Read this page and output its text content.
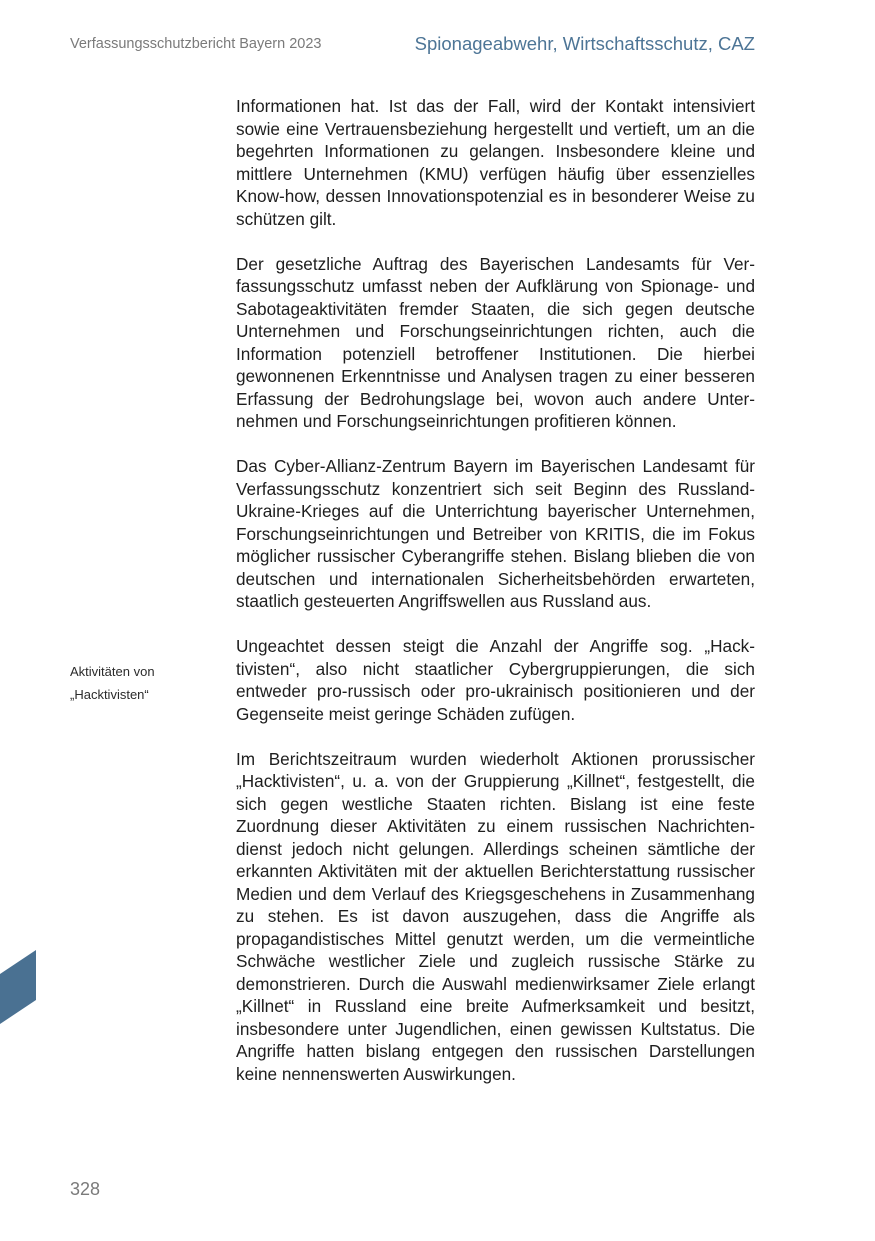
Verfassungsschutzbericht Bayern 2023	Spionageabwehr, Wirtschaftsschutz, CAZ
Aktivitäten von
„Hacktivisten“

Informationen hat. Ist das der Fall, wird der Kontakt intensiviert sowie eine Vertrauensbeziehung hergestellt und vertieft, um an die begehrten Informationen zu gelangen. Insbesondere kleine und mittlere Unternehmen (KMU) verfügen häufig über essenzielles Know-how, dessen Innovationspotenzial es in besonderer Weise zu schützen gilt.

Der gesetzliche Auftrag des Bayerischen Landesamts für Verfassungsschutz umfasst neben der Aufklärung von Spionage- und Sabotageaktivitäten fremder Staaten, die sich gegen deutsche Unternehmen und Forschungseinrichtungen richten, auch die Information potenziell betroffener Institutionen. Die hierbei gewonnenen Erkenntnisse und Analysen tragen zu einer besseren Erfassung der Bedrohungslage bei, wovon auch andere Unternehmen und Forschungseinrichtungen profitieren können.

Das Cyber-Allianz-Zentrum Bayern im Bayerischen Landesamt für Verfassungsschutz konzentriert sich seit Beginn des Russland-Ukraine-Krieges auf die Unterrichtung bayerischer Unternehmen, Forschungseinrichtungen und Betreiber von KRITIS, die im Fokus möglicher russischer Cyberangriffe stehen. Bislang blieben die von deutschen und internationalen Sicherheitsbehörden erwarteten, staatlich gesteuerten Angriffswellen aus Russland aus.

Ungeachtet dessen steigt die Anzahl der Angriffe sog. „Hacktivisten“, also nicht staatlicher Cybergruppierungen, die sich entweder pro-russisch oder pro-ukrainisch positionieren und der Gegenseite meist geringe Schäden zufügen.

Im Berichtszeitraum wurden wiederholt Aktionen prorussischer „Hacktivisten“, u. a. von der Gruppierung „Killnet“, festgestellt, die sich gegen westliche Staaten richten. Bislang ist eine feste Zuordnung dieser Aktivitäten zu einem russischen Nachrichtendienst jedoch nicht gelungen. Allerdings scheinen sämtliche der erkannten Aktivitäten mit der aktuellen Berichterstattung russischer Medien und dem Verlauf des Kriegsgeschehens in Zusammenhang zu stehen. Es ist davon auszugehen, dass die Angriffe als propagandistisches Mittel genutzt werden, um die vermeintliche Schwäche westlicher Ziele und zugleich russische Stärke zu demonstrieren. Durch die Auswahl medienwirksamer Ziele erlangt „Killnet“ in Russland eine breite Aufmerksamkeit und besitzt, insbesondere unter Jugendlichen, einen gewissen Kultstatus. Die Angriffe hatten bislang entgegen den russischen Darstellungen keine nennenswerten Auswirkungen.

328
